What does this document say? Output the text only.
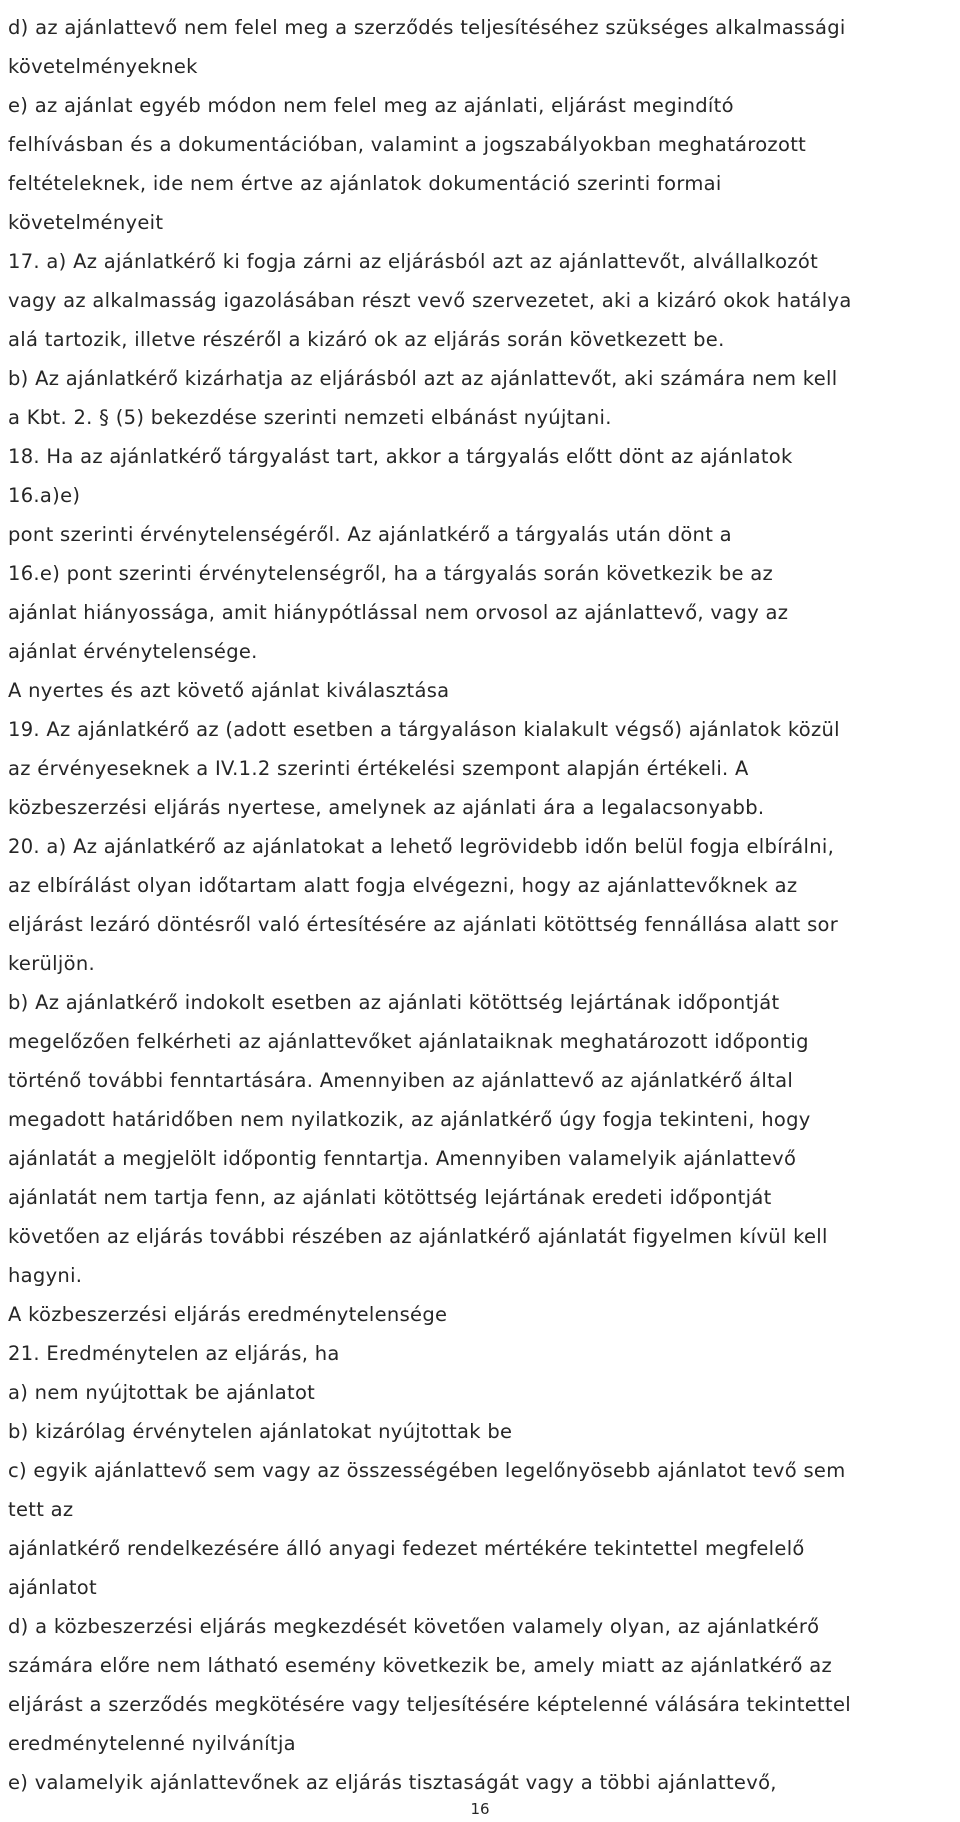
d) az ajánlattevő nem felel meg a szerződés teljesítéséhez szükséges alkalmassági

követelményeknek

e) az ajánlat egyéb módon nem felel meg az ajánlati, eljárást megindító

felhívásban és a dokumentációban, valamint a jogszabályokban meghatározott

feltételeknek, ide nem értve az ajánlatok dokumentáció szerinti formai

követelményeit

17. a) Az ajánlatkérő ki fogja zárni az eljárásból azt az ajánlattevőt, alvállalkozót

vagy az alkalmasság igazolásában részt vevő szervezetet, aki a kizáró okok hatálya

alá tartozik, illetve részéről a kizáró ok az eljárás során következett be.

b) Az ajánlatkérő kizárhatja az eljárásból azt az ajánlattevőt, aki számára nem kell

a Kbt. 2. § (5) bekezdése szerinti nemzeti elbánást nyújtani.

18. Ha az ajánlatkérő tárgyalást tart, akkor a tárgyalás előtt dönt az ajánlatok

16.a)e)

pont szerinti érvénytelenségéről. Az ajánlatkérő a tárgyalás után dönt a

16.e) pont szerinti érvénytelenségről, ha a tárgyalás során következik be az

ajánlat hiányossága, amit hiánypótlással nem orvosol az ajánlattevő, vagy az

ajánlat érvénytelensége.

A nyertes és azt követő ajánlat kiválasztása

19. Az ajánlatkérő az (adott esetben a tárgyaláson kialakult végső) ajánlatok közül

az érvényeseknek a IV.1.2 szerinti értékelési szempont alapján értékeli. A

közbeszerzési eljárás nyertese, amelynek az ajánlati ára a legalacsonyabb.

20. a) Az ajánlatkérő az ajánlatokat a lehető legrövidebb időn belül fogja elbírálni,

az elbírálást olyan időtartam alatt fogja elvégezni, hogy az ajánlattevőknek az

eljárást lezáró döntésről való értesítésére az ajánlati kötöttség fennállása alatt sor

kerüljön.

b) Az ajánlatkérő indokolt esetben az ajánlati kötöttség lejártának időpontját

megelőzően felkérheti az ajánlattevőket ajánlataiknak meghatározott időpontig

történő további fenntartására. Amennyiben az ajánlattevő az ajánlatkérő által

megadott határidőben nem nyilatkozik, az ajánlatkérő úgy fogja tekinteni, hogy

ajánlatát a megjelölt időpontig fenntartja. Amennyiben valamelyik ajánlattevő

ajánlatát nem tartja fenn, az ajánlati kötöttség lejártának eredeti időpontját

követően az eljárás további részében az ajánlatkérő ajánlatát figyelmen kívül kell

hagyni.

A közbeszerzési eljárás eredménytelensége

21. Eredménytelen az eljárás, ha

a) nem nyújtottak be ajánlatot

b) kizárólag érvénytelen ajánlatokat nyújtottak be

c) egyik ajánlattevő sem vagy az összességében legelőnyösebb ajánlatot tevő sem

tett az

ajánlatkérő rendelkezésére álló anyagi fedezet mértékére tekintettel megfelelő

ajánlatot

d) a közbeszerzési eljárás megkezdését követően valamely olyan, az ajánlatkérő

számára előre nem látható esemény következik be, amely miatt az ajánlatkérő az

eljárást a szerződés megkötésére vagy teljesítésére képtelenné válására tekintettel

eredménytelenné nyilvánítja

e) valamelyik ajánlattevőnek az eljárás tisztaságát vagy a többi ajánlattevő,

16
